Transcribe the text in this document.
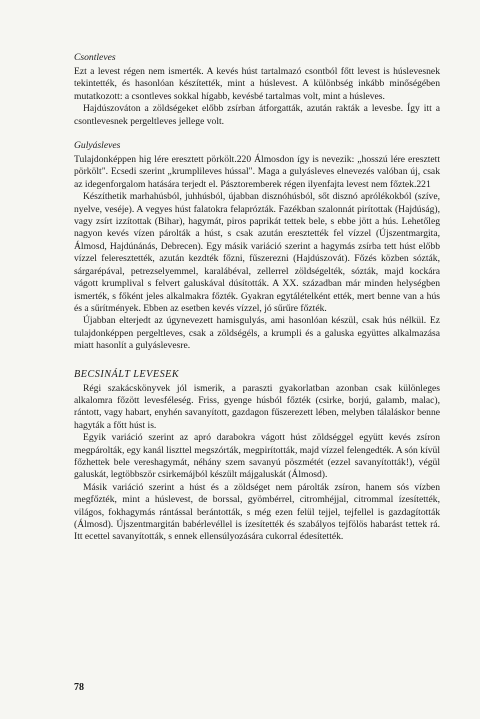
Csontleves

Ezt a levest régen nem ismerték. A kevés húst tartalmazó csontból főtt levest is húslevesnek tekintették, és hasonlóan készítették, mint a húslevest. A különbség inkább minőségében mutatkozott: a csontleves sokkal hígabb, kevésbé tartalmas volt, mint a húsleves.

Hajdúszováton a zöldségeket előbb zsírban átforgatták, azután rakták a levesbe. Így itt a csontlevesnek pergeltleves jellege volt.

Gulyásleves

Tulajdonképpen hig lére eresztett pörkölt.220 Álmosdon így is nevezik: „hosszú lére eresztett pörkölt". Ecsedi szerint „krumplileves hússal". Maga a gulyásleves elnevezés valóban új, csak az idegenforgalom hatására terjedt el. Pásztoremberek régen ilyenfajta levest nem főztek.221

Készíthetik marhahúsból, juhhúsból, újabban disznóhúsból, sőt disznó aprólékokból (szíve, nyelve, veséje). A vegyes húst falatokra felaprózták. Fazékban szalonnát pirítottak (Hajdúság), vagy zsírt izzítottak (Bihar), hagymát, piros paprikát tettek bele, s ebbe jött a hús. Lehetőleg nagyon kevés vízen párolták a húst, s csak azután eresztették fel vízzel (Újszentmargita, Álmosd, Hajdúnánás, Debrecen). Egy másik variáció szerint a hagymás zsírba tett húst előbb vízzel feleresztették, azután kezdték főzni, fűszerezni (Hajdúszovát). Főzés közben sózták, sárgarépával, petrezselyemmel, karalábéval, zellerrel zöldségelték, sózták, majd kockára vágott krumplival s felvert galuskával dúsították. A XX. században már minden helységben ismerték, s főként jeles alkalmakra főzték. Gyakran egytálételként ették, mert benne van a hús és a sűrítmények. Ebben az esetben kevés vízzel, jó sűrűre főzték.

Újabban elterjedt az úgynevezett hamisgulyás, ami hasonlóan készül, csak hús nélkül. Ez tulajdonképpen pergeltleves, csak a zöldségéls, a krumpli és a galuska együttes alkalmazása miatt hasonlít a gulyáslevesre.

BECSINÁLT LEVESEK

Régi szakácskönyvek jól ismerik, a paraszti gyakorlatban azonban csak különleges alkalomra főzött levesféleség. Friss, gyenge húsból főzték (csirke, borjú, galamb, malac), rántott, vagy habart, enyhén savanyított, gazdagon fűszerezett lében, melyben tálaláskor benne hagyták a főtt húst is.

Egyik variáció szerint az apró darabokra vágott húst zöldséggel együtt kevés zsíron megpárolták, egy kanál liszttel megszórták, megpirították, majd vízzel felengedték. A són kívül főzhettek bele vereshagymát, néhány szem savanyú pöszmétét (ezzel savanyították!), végül galuskát, legtöbbször csirkemájból készült májgaluskát (Álmosd).

Másik variáció szerint a húst és a zöldséget nem párolták zsíron, hanem sós vízben megfőzték, mint a húslevest, de borssal, gyömbérrel, citromhéjjal, citrommal ízesítették, világos, fokhagymás rántással berántották, s még ezen felül tejjel, tejfellel is gazdagították (Álmosd). Újszentmargitán babérlevéllel is ízesítették és szabályos tejfölös habarást tettek rá. Itt ecettel savanyították, s ennek ellensúlyozására cukorral édesítették.

78
